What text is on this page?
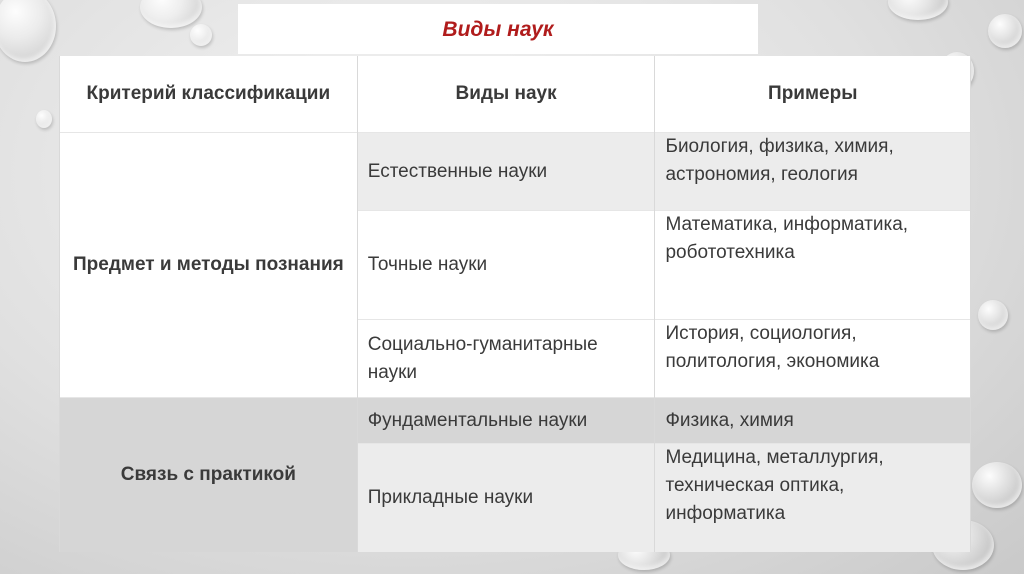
Виды наук
Критерий классификации	Виды наук	Примеры
Предмет и методы познания	Естественные науки	Биология, физика, химия, астрономия, геология
	Точные науки	Математика, информатика, робототехника
	Социально-гуманитарные науки	История, социология, политология, экономика
Связь с практикой	Фундаментальные науки	Физика, химия
	Прикладные науки	Медицина, металлургия, техническая оптика, информатика
